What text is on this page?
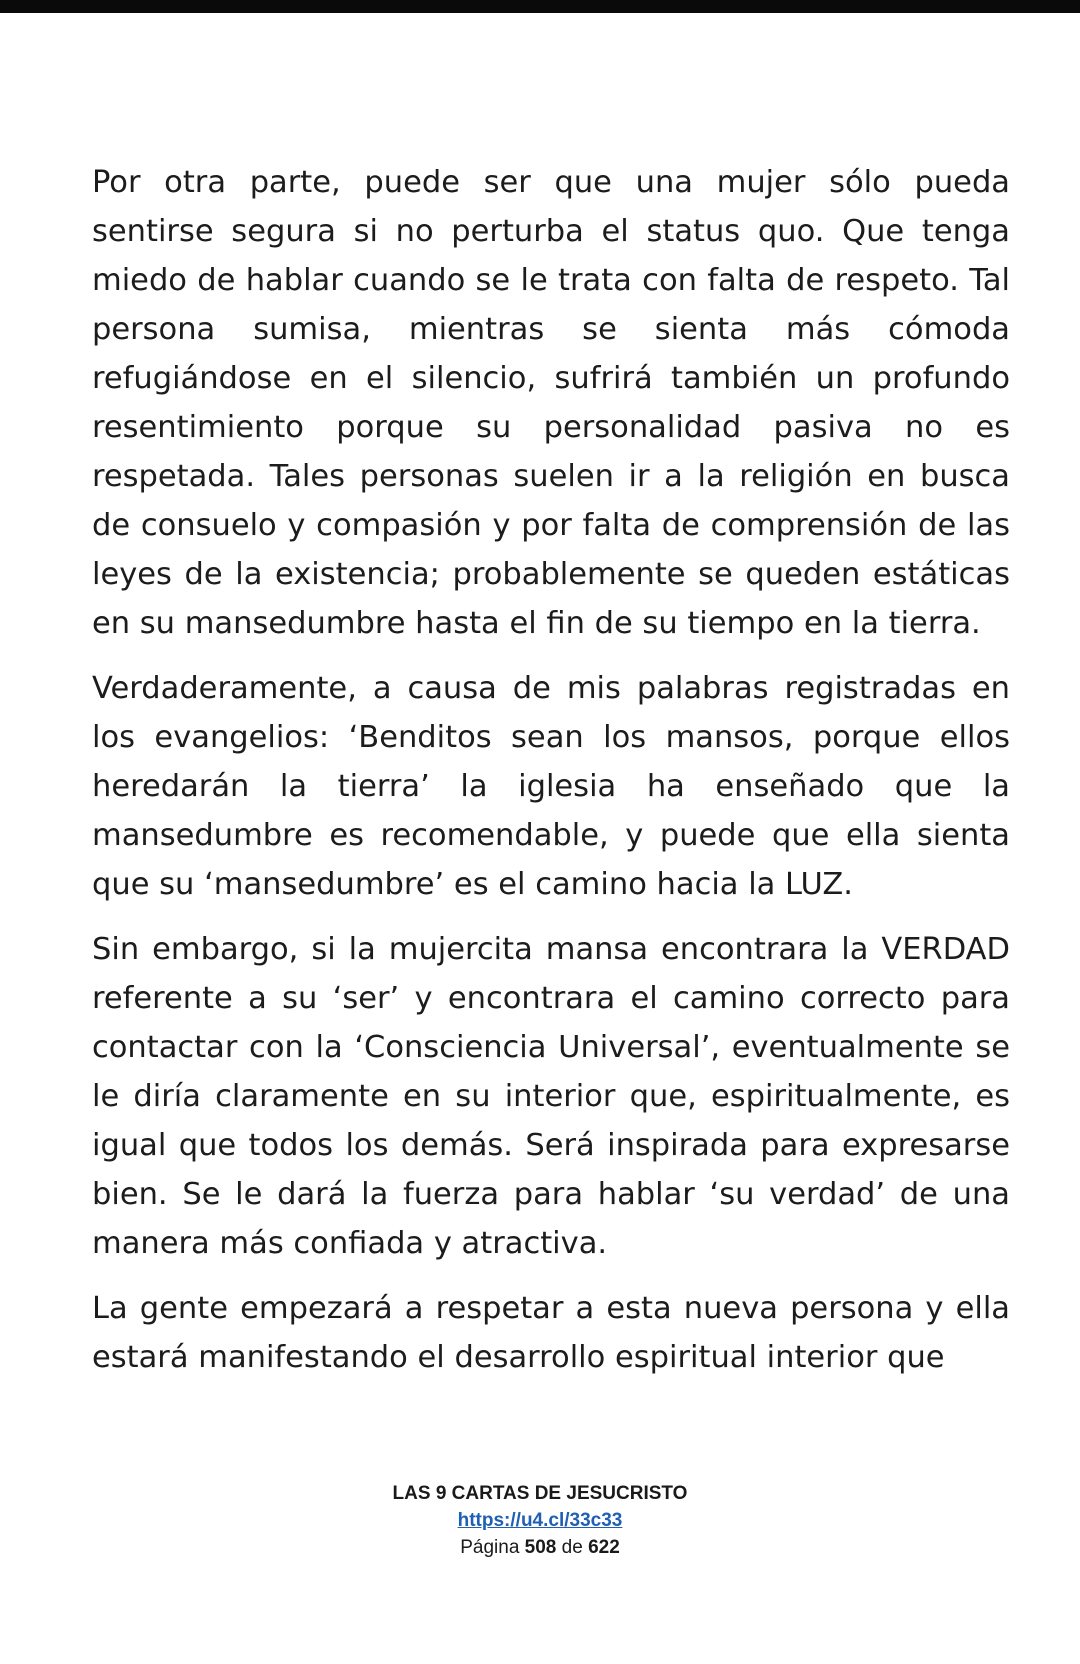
Por otra parte, puede ser que una mujer sólo pueda sentirse segura si no perturba el status quo. Que tenga miedo de hablar cuando se le trata con falta de respeto. Tal persona sumisa, mientras se sienta más cómoda refugiándose en el silencio, sufrirá también un profundo resentimiento porque su personalidad pasiva no es respetada. Tales personas suelen ir a la religión en busca de consuelo y compasión y por falta de comprensión de las leyes de la existencia; probablemente se queden estáticas en su mansedumbre hasta el fin de su tiempo en la tierra.

Verdaderamente, a causa de mis palabras registradas en los evangelios: ‘Benditos sean los mansos, porque ellos heredarán la tierra’ la iglesia ha enseñado que la mansedumbre es recomendable, y puede que ella sienta que su ‘mansedumbre’ es el camino hacia la LUZ.

Sin embargo, si la mujercita mansa encontrara la VERDAD referente a su ‘ser’ y encontrara el camino correcto para contactar con la ‘Consciencia Universal’, eventualmente se le diría claramente en su interior que, espiritualmente, es igual que todos los demás. Será inspirada para expresarse bien. Se le dará la fuerza para hablar ‘su verdad’ de una manera más confiada y atractiva.

La gente empezará a respetar a esta nueva persona y ella estará manifestando el desarrollo espiritual interior que

LAS 9 CARTAS DE JESUCRISTO
https://u4.cl/33c33
Página 508 de 622
